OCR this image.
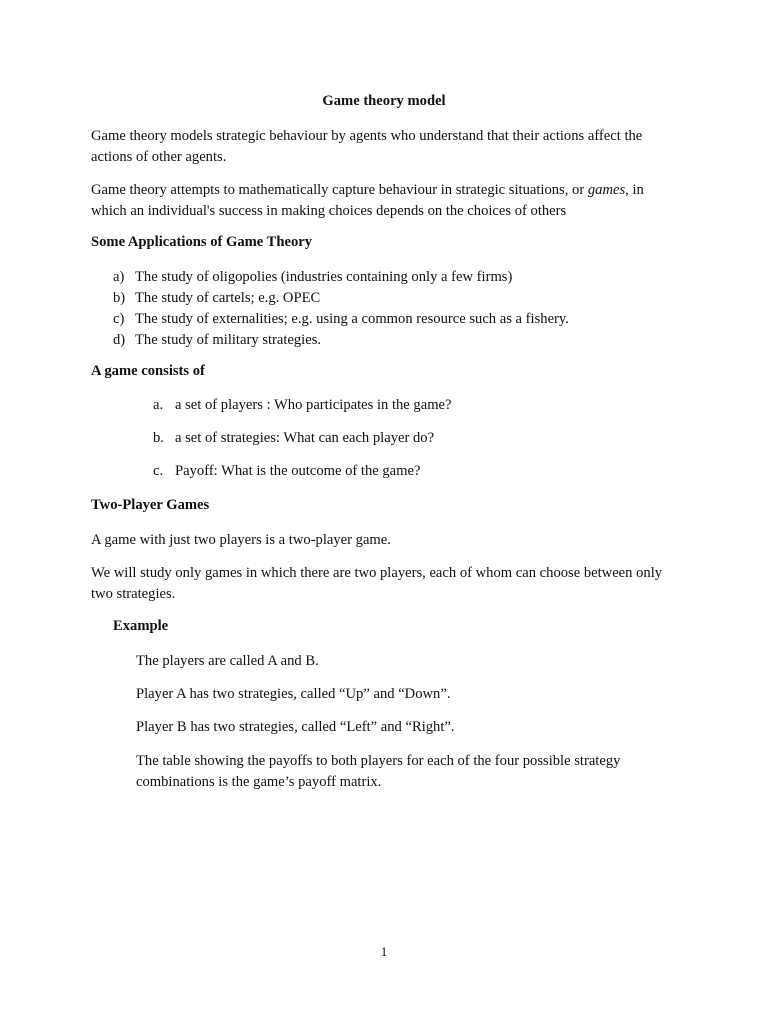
Game theory model
Game theory models strategic behaviour by agents who understand that their actions affect the actions of other agents.
Game theory attempts to mathematically capture behaviour in strategic situations, or games, in which an individual's success in making choices depends on the choices of others
Some Applications of Game Theory
a) The study of oligopolies (industries containing only a few firms)
b) The study of cartels; e.g. OPEC
c) The study of externalities; e.g. using a common resource such as a fishery.
d) The study of military strategies.
A game consists of
a. a set of players : Who participates in the game?
b. a set of strategies: What can each player do?
c. Payoff: What is the outcome of the game?
Two-Player Games
A game with just two players is a two-player game.
We will study only games in which there are two players, each of whom can choose between only two strategies.
Example
The players are called A and B.
Player A has two strategies, called “Up” and “Down”.
Player B has two strategies, called “Left” and “Right”.
The table showing the payoffs to both players for each of the four possible strategy combinations is the game’s payoff matrix.
1
